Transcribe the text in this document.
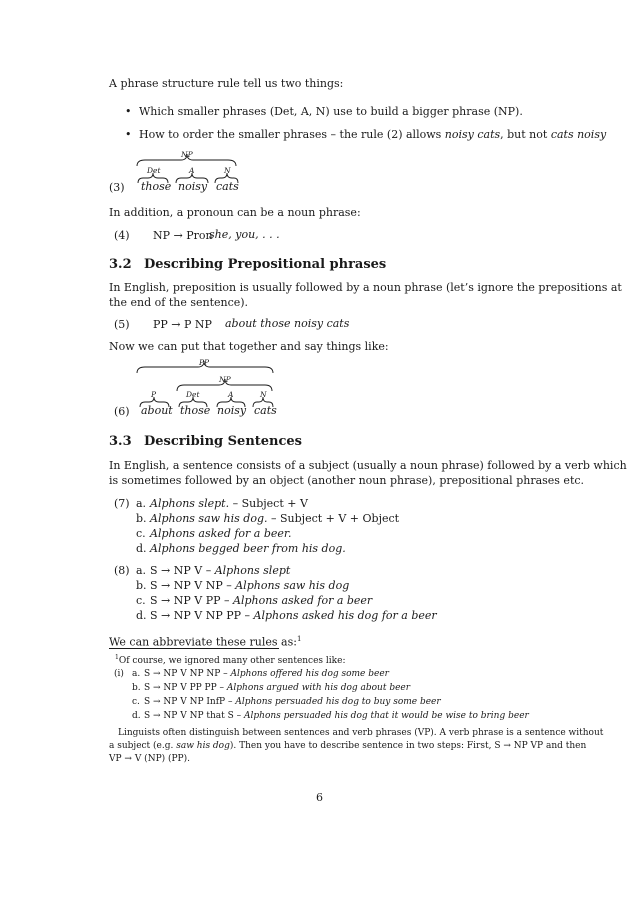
A phrase structure rule tell us two things:
• Which smaller phrases (Det, A, N) use to build a bigger phrase (NP).
• How to order the smaller phrases – the rule (2) allows noisy cats, but not cats noisy
NP
Det	A	N
(3) those noisy cats
In addition, a pronoun can be a noun phrase:
(4) NP → Pron
she, you, . . .
3.2 Describing Prepositional phrases
In English, preposition is usually followed by a noun phrase (let’s ignore the prepositions at
the end of the sentence).
(5) PP → P NP about those noisy cats
Now we can put that together and say things like:
PP
NP
P	Det	A	N
(6) about those noisy cats
3.3 Describing Sentences
In English, a sentence consists of a subject (usually a noun phrase) followed by a verb which
is sometimes followed by an object (another noun phrase), prepositional phrases etc.
(7) a. Alphons slept. – Subject + V
b. Alphons saw his dog. – Subject + V + Object
c. Alphons asked for a beer.
d. Alphons begged beer from his dog.
(8) a. S → NP V – Alphons slept
b. S → NP V NP – Alphons saw his dog
c. S → NP V PP – Alphons asked for a beer
d. S → NP V NP PP – Alphons asked his dog for a beer
We can abbreviate these rules as:$^1$
$^1$Of course, we ignored many other sentences like:
(i) a. S → NP V NP NP – Alphons offered his dog some beer
b. S → NP V PP PP – Alphons argued with his dog about beer
c. S → NP V NP InfP – Alphons persuaded his dog to buy some beer
d. S → NP V NP that S – Alphons persuaded his dog that it would be wise to bring beer
Linguists often distinguish between sentences and verb phrases (VP). A verb phrase is a sentence without
a subject (e.g. saw his dog). Then you have to describe sentence in two steps: First, S → NP VP and then
VP → V (NP) (PP).
6
